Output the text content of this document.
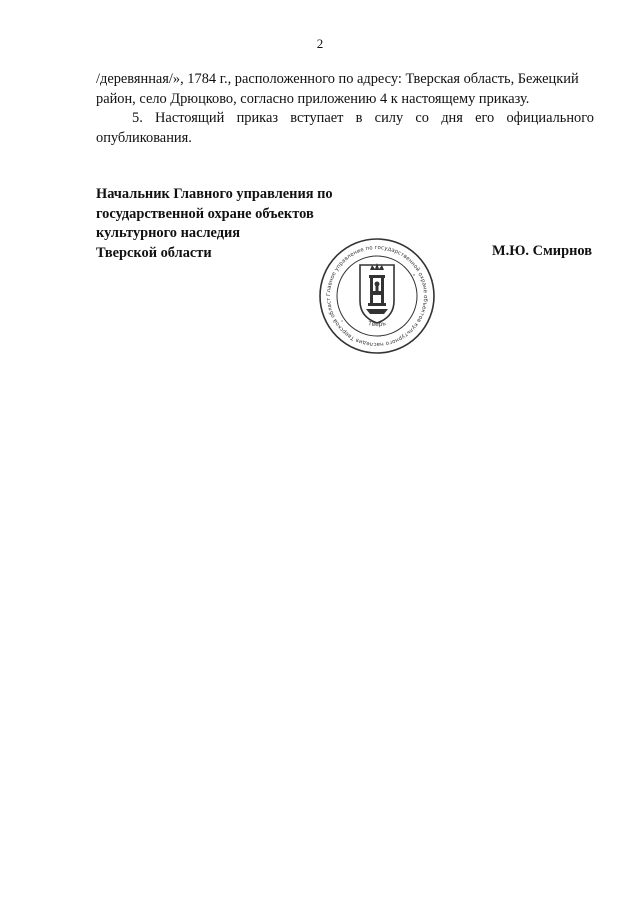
2

/деревянная/», 1784 г., расположенного по адресу: Тверская область, Бежецкий район, село Дрюцково, согласно приложению 4 к настоящему приказу.

5. Настоящий приказ вступает в силу со дня его официального опубликования.

Начальник Главного управления по
государственной охране объектов
культурного наследия
Тверской области	М.Ю. Смирнов
Главное управление по государственной охране объектов культурного наследия Тверской област
Тверь
